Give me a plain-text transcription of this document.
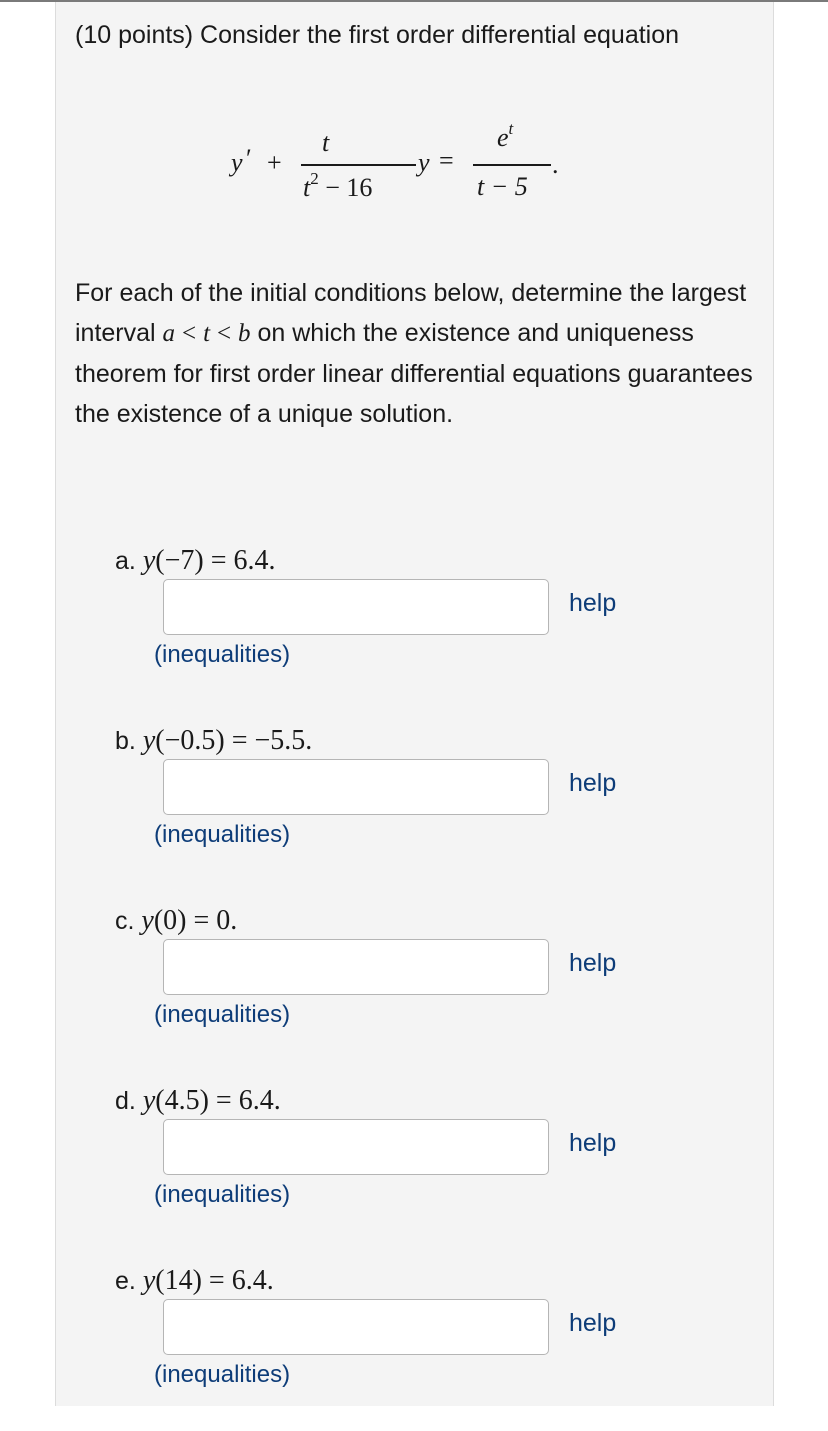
(10 points) Consider the first order differential equation
y ′ +
t
$t^2 - 16$
y =
$e^t$
t − 5
.
For each of the initial conditions below, determine the largest interval a < t < b on which the existence and uniqueness theorem for first order linear differential equations guarantees the existence of a unique solution.
a. y(−7) = 6.4.
help
(inequalities)
b. y(−0.5) = −5.5.
help
(inequalities)
c. y(0) = 0.
help
(inequalities)
d. y(4.5) = 6.4.
help
(inequalities)
e. y(14) = 6.4.
help
(inequalities)
